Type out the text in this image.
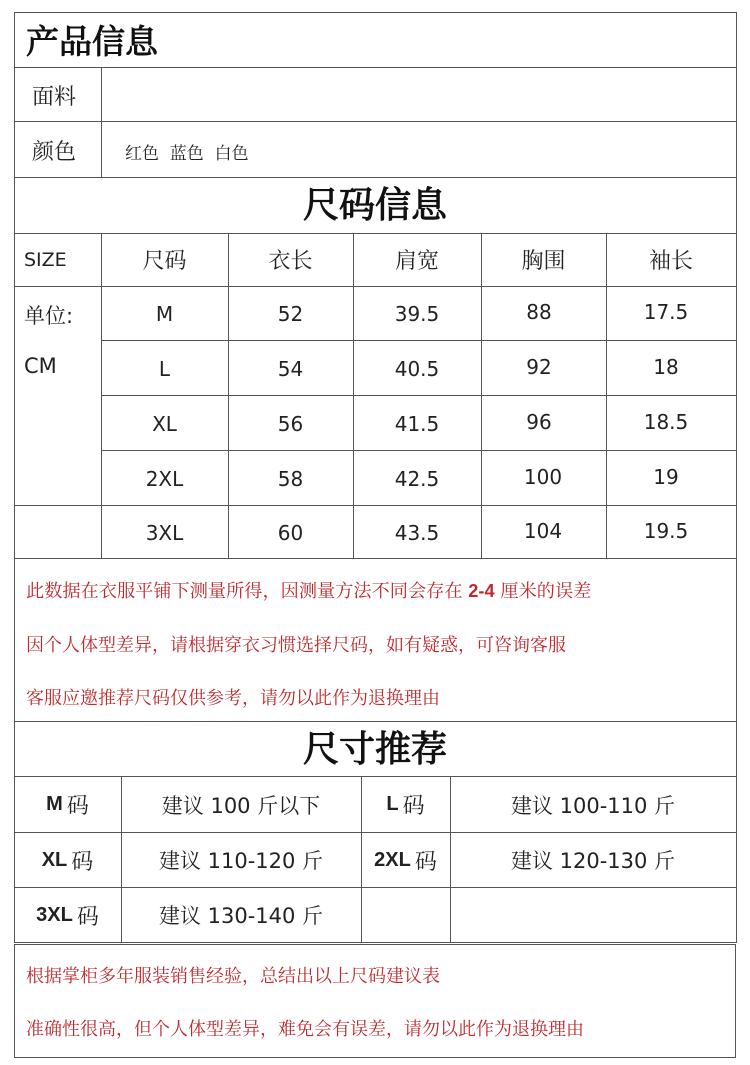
产品信息
面料
颜色	红色  蓝色  白色
尺码信息
SIZE	尺码	衣长	肩宽	胸围	袖长
单位:
CM
M	52	39.5	88	17.5
L	54	40.5	92	18
XL	56	41.5	96	18.5
2XL	58	42.5	100	19
3XL	60	43.5	104	19.5
此数据在衣服平铺下测量所得，因测量方法不同会存在 2-4 厘米的误差
因个人体型差异，请根据穿衣习惯选择尺码，如有疑惑，可咨询客服
客服应邀推荐尺码仅供参考，请勿以此作为退换理由
尺寸推荐
M 码	建议 100 斤以下	L 码	建议 100-110 斤
XL 码	建议 110-120 斤	2XL 码	建议 120-130 斤
3XL 码	建议 130-140 斤
根据掌柜多年服装销售经验，总结出以上尺码建议表
准确性很高，但个人体型差异，难免会有误差，请勿以此作为退换理由
